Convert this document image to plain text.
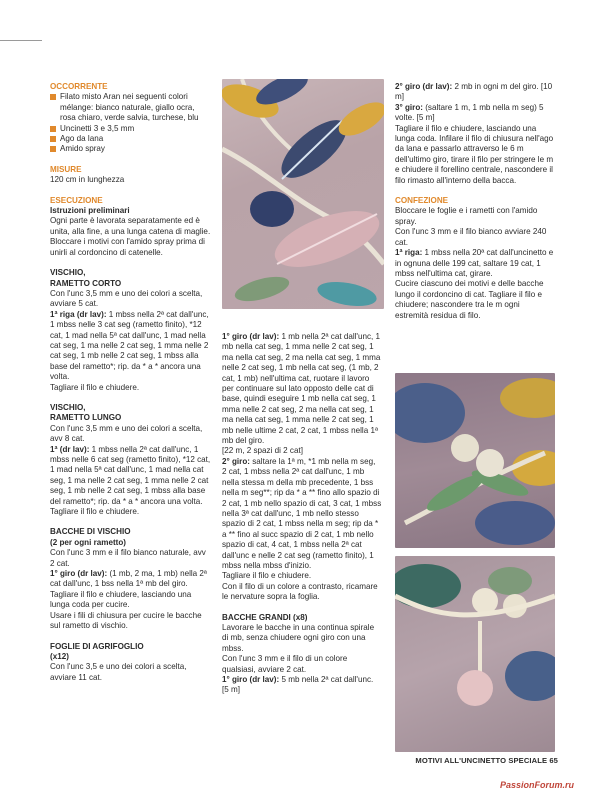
OCCORRENTE
Filato misto Aran nei seguenti colori mélange: bianco naturale, giallo ocra, rosa chiaro, verde salvia, turchese, blu
Uncinetti 3 e 3,5 mm
Ago da lana
Amido spray
MISURE
120 cm in lunghezza
ESECUZIONE
Istruzioni preliminari
Ogni parte è lavorata separatamente ed è unita, alla fine, a una lunga catena di maglie. Bloccare i motivi con l'amido spray prima di unirli al cordoncino di catenelle.
VISCHIO,
RAMETTO CORTO
Con l'unc 3,5 mm e uno dei colori a scelta, avviare 5 cat.
1ª riga (dr lav): 1 mbss nella 2ª cat dall'unc, 1 mbss nelle 3 cat seg (rametto finito), *12 cat, 1 mad nella 5ª cat dall'unc, 1 mad nella cat seg, 1 ma nelle 2 cat seg, 1 mma nelle 2 cat seg, 1 mb nelle 2 cat seg, 1 mbss alla base del rametto*; rip. da * a * ancora una volta.
Tagliare il filo e chiudere.
VISCHIO,
RAMETTO LUNGO
Con l'unc 3,5 mm e uno dei colori a scelta, avv 8 cat.
1ª (dr lav): 1 mbss nella 2ª cat dall'unc, 1 mbss nelle 6 cat seg (rametto finito), *12 cat, 1 mad nella 5ª cat dall'unc, 1 mad nella cat seg, 1 ma nelle 2 cat seg, 1 mma nelle 2 cat seg, 1 mb nelle 2 cat seg, 1 mbss alla base del rametto*; rip. da * a * ancora una volta.
Tagliare il filo e chiudere.
BACCHE DI VISCHIO
(2 per ogni rametto)
Con l'unc 3 mm e il filo bianco naturale, avv 2 cat.
1° giro (dr lav): (1 mb, 2 ma, 1 mb) nella 2ª cat dall'unc, 1 bss nella 1ª mb del giro. Tagliare il filo e chiudere, lasciando una lunga coda per cucire.
Usare i fili di chiusura per cucire le bacche sul rametto di vischio.
FOGLIE DI AGRIFOGLIO
(x12)
Con l'unc 3,5 e uno dei colori a scelta, avviare 11 cat.
1° giro (dr lav): 1 mb nella 2ª cat dall'unc, 1 mb nella cat seg, 1 mma nelle 2 cat seg, 1 ma nella cat seg, 2 ma nella cat seg, 1 mma nelle 2 cat seg, 1 mb nella cat seg, (1 mb, 2 cat, 1 mb) nell'ultima cat, ruotare il lavoro per continuare sul lato opposto delle cat di base, quindi eseguire 1 mb nella cat seg, 1 mma nelle 2 cat seg, 2 ma nella cat seg, 1 ma nella cat seg, 1 mma nelle 2 cat seg, 1 mb nelle ultime 2 cat, 2 cat, 1 mbss nella 1ª mb del giro.
[22 m, 2 spazi di 2 cat]
2° giro: saltare la 1ª m, *1 mb nella m seg, 2 cat, 1 mbss nella 2ª cat dall'unc, 1 mb nella stessa m della mb precedente, 1 bss nella m seg**; rip da * a ** fino allo spazio di 2 cat, 1 mb nello spazio di cat, 3 cat, 1 mbss nella 3ª cat dall'unc, 1 mb nello stesso spazio di 2 cat, 1 mbss nella m seg; rip da * a ** fino al succ spazio di 2 cat, 1 mb nello spazio di cat, 4 cat, 1 mbss nella 2ª cat dall'unc e nelle 2 cat seg (rametto finito), 1 mbss nella mbss d'inizio.
Tagliare il filo e chiudere.
Con il filo di un colore a contrasto, ricamare le nervature sopra la foglia.
BACCHE GRANDI (x8)
Lavorare le bacche in una continua spirale di mb, senza chiudere ogni giro con una mbss.
Con l'unc 3 mm e il filo di un colore qualsiasi, avviare 2 cat.
1° giro (dr lav): 5 mb nella 2ª cat dall'unc. [5 m]
2° giro (dr lav): 2 mb in ogni m del giro. [10 m]
3° giro: (saltare 1 m, 1 mb nella m seg) 5 volte. [5 m]
Tagliare il filo e chiudere, lasciando una lunga coda. Infilare il filo di chiusura nell'ago da lana e passarlo attraverso le 6 m dell'ultimo giro, tirare il filo per stringere le m e chiudere il forellino centrale, nascondere il filo rimasto all'interno della bacca.
CONFEZIONE
Bloccare le foglie e i rametti con l'amido spray.
Con l'unc 3 mm e il filo bianco avviare 240 cat.
1ª riga: 1 mbss nella 20ª cat dall'uncinetto e in ognuna delle 199 cat, saltare 19 cat, 1 mbss nell'ultima cat, girare.
Cucire ciascuno dei motivi e delle bacche lungo il cordoncino di cat. Tagliare il filo e chiudere; nascondere tra le m ogni estremità residua di filo.
MOTIVI ALL'UNCINETTO SPECIALE 65
PassionForum.ru
